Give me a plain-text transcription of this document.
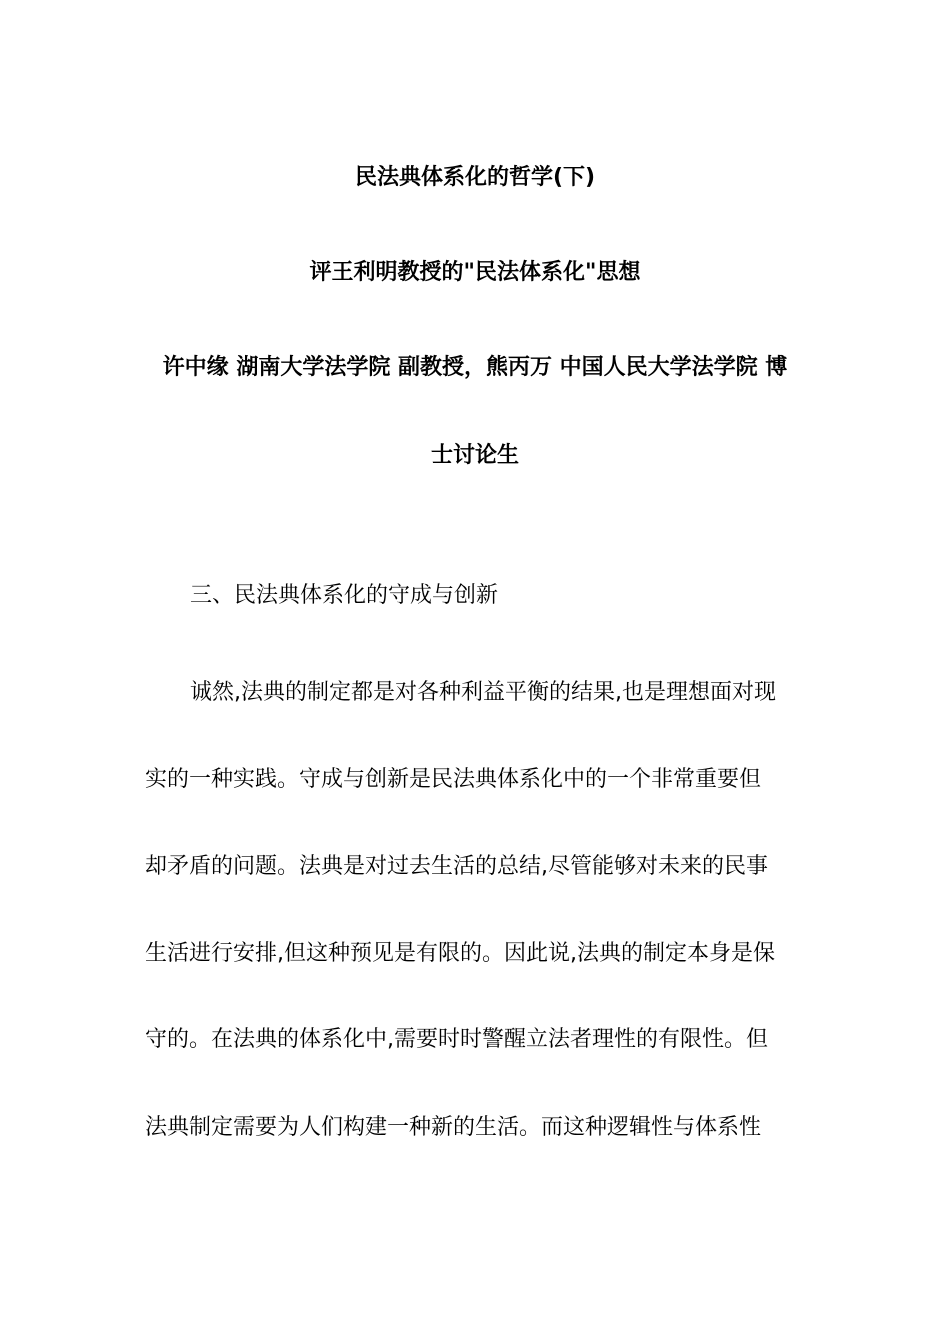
民法典体系化的哲学(下)
评王利明教授的"民法体系化"思想
许中缘 湖南大学法学院 副教授，熊丙万 中国人民大学法学院 博
士讨论生
三、民法典体系化的守成与创新
诚然,法典的制定都是对各种利益平衡的结果,也是理想面对现
实的一种实践。守成与创新是民法典体系化中的一个非常重要但
却矛盾的问题。法典是对过去生活的总结,尽管能够对未来的民事
生活进行安排,但这种预见是有限的。因此说,法典的制定本身是保
守的。在法典的体系化中,需要时时警醒立法者理性的有限性。但
法典制定需要为人们构建一种新的生活。而这种逻辑性与体系性
